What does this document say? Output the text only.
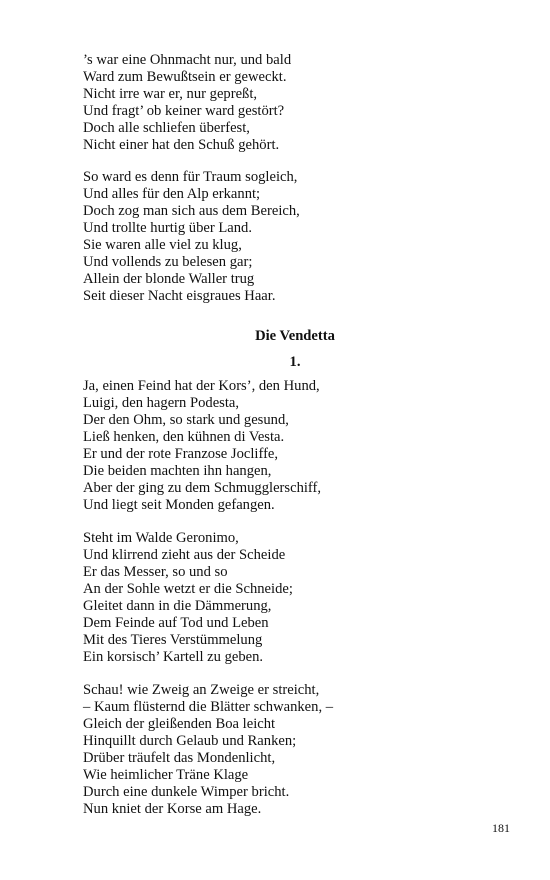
’s war eine Ohnmacht nur, und bald
Ward zum Bewußtsein er geweckt.
Nicht irre war er, nur gepreßt,
Und fragt’ ob keiner ward gestört?
Doch alle schliefen überfest,
Nicht einer hat den Schuß gehört.
So ward es denn für Traum sogleich,
Und alles für den Alp erkannt;
Doch zog man sich aus dem Bereich,
Und trollte hurtig über Land.
Sie waren alle viel zu klug,
Und vollends zu belesen gar;
Allein der blonde Waller trug
Seit dieser Nacht eisgraues Haar.
Die Vendetta
1.
Ja, einen Feind hat der Kors’, den Hund,
Luigi, den hagern Podesta,
Der den Ohm, so stark und gesund,
Ließ henken, den kühnen di Vesta.
Er und der rote Franzose Jocliffe,
Die beiden machten ihn hangen,
Aber der ging zu dem Schmugglerschiff,
Und liegt seit Monden gefangen.
Steht im Walde Geronimo,
Und klirrend zieht aus der Scheide
Er das Messer, so und so
An der Sohle wetzt er die Schneide;
Gleitet dann in die Dämmerung,
Dem Feinde auf Tod und Leben
Mit des Tieres Verstümmelung
Ein korsisch’ Kartell zu geben.
Schau! wie Zweig an Zweige er streicht,
– Kaum flüsternd die Blätter schwanken, –
Gleich der gleißenden Boa leicht
Hinquillt durch Gelaub und Ranken;
Drüber träufelt das Mondenlicht,
Wie heimlicher Träne Klage
Durch eine dunkele Wimper bricht.
Nun kniet der Korse am Hage.
181
